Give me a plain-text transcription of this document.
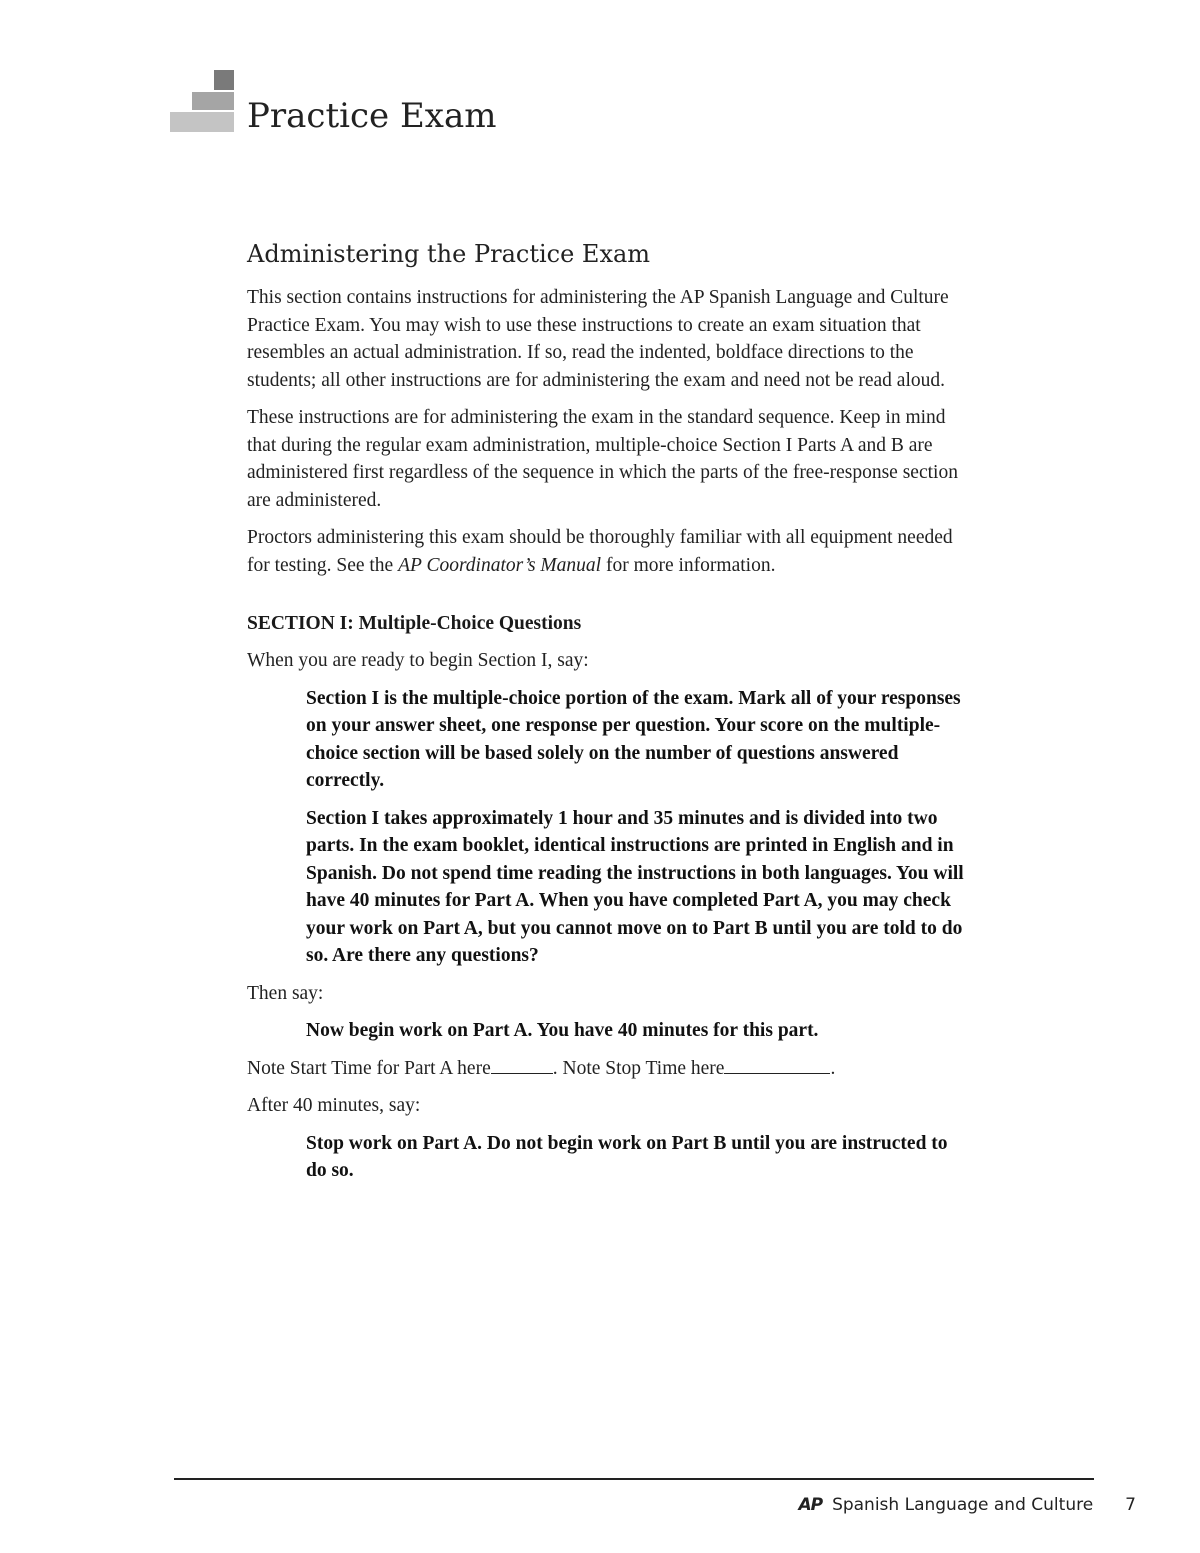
Practice Exam
Administering the Practice Exam

This section contains instructions for administering the AP Spanish Language and Culture Practice Exam. You may wish to use these instructions to create an exam situation that resembles an actual administration. If so, read the indented, boldface directions to the students; all other instructions are for administering the exam and need not be read aloud.

These instructions are for administering the exam in the standard sequence. Keep in mind that during the regular exam administration, multiple-choice Section I Parts A and B are administered first regardless of the sequence in which the parts of the free-response section are administered.

Proctors administering this exam should be thoroughly familiar with all equipment needed for testing. See the AP Coordinator’s Manual for more information.

SECTION I: Multiple-Choice Questions

When you are ready to begin Section I, say:

Section I is the multiple-choice portion of the exam. Mark all of your responses on your answer sheet, one response per question. Your score on the multiple-choice section will be based solely on the number of questions answered correctly.

Section I takes approximately 1 hour and 35 minutes and is divided into two parts. In the exam booklet, identical instructions are printed in English and in Spanish. Do not spend time reading the instructions in both languages. You will have 40 minutes for Part A. When you have completed Part A, you may check your work on Part A, but you cannot move on to Part B until you are told to do so. Are there any questions?

Then say:

Now begin work on Part A. You have 40 minutes for this part.

Note Start Time for Part A here	. Note Stop Time here	.

After 40 minutes, say:

Stop work on Part A. Do not begin work on Part B until you are instructed to do so.

AP Spanish Language and Culture 7
